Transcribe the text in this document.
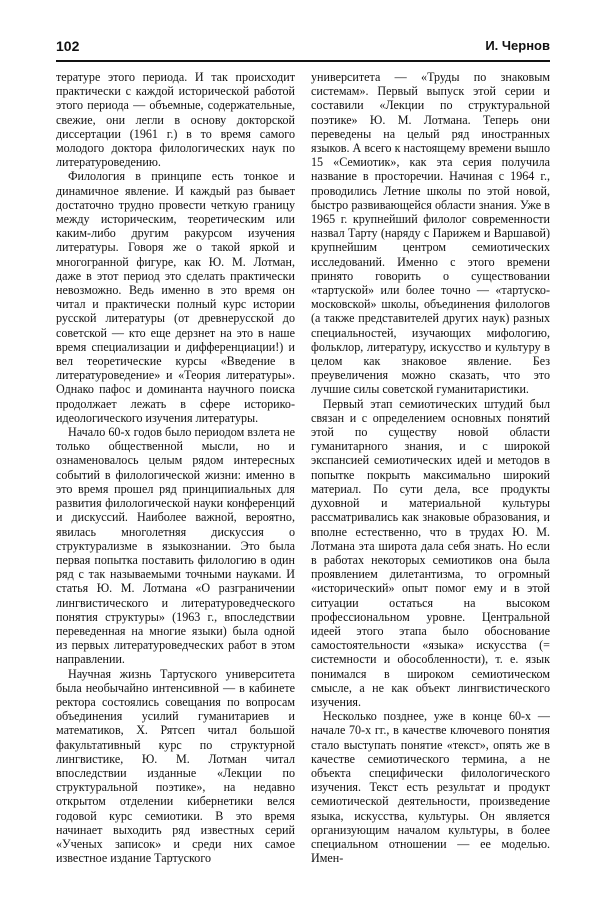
102	И. Чернов

тературе этого периода. И так происходит практически с каждой исторической работой этого периода — объемные, содержательные, свежие, они легли в основу докторской диссертации (1961 г.) в то время самого молодого доктора филологических наук по литературоведению.

Филология в принципе есть тонкое и динамичное явление. И каждый раз бывает достаточно трудно провести четкую границу между историческим, теоретическим или каким-либо другим ракурсом изучения литературы. Говоря же о такой яркой и многогранной фигуре, как Ю. М. Лотман, даже в этот период это сделать практически невозможно. Ведь именно в это время он читал и практически полный курс истории русской литературы (от древнерусской до советской — кто еще дерзнет на это в наше время специализации и дифференциации!) и вел теоретические курсы «Введение в литературоведение» и «Теория литературы». Однако пафос и доминанта научного поиска продолжает лежать в сфере историко-идеологического изучения литературы.

Начало 60-х годов было периодом взлета не только общественной мысли, но и ознаменовалось целым рядом интересных событий в филологической жизни: именно в это время прошел ряд принципиальных для развития филологической науки конференций и дискуссий. Наиболее важной, вероятно, явилась многолетняя дискуссия о структурализме в языкознании. Это была первая попытка поставить филологию в один ряд с так называемыми точными науками. И статья Ю. М. Лотмана «О разграничении лингвистического и литературоведческого понятия структуры» (1963 г., впоследствии переведенная на многие языки) была одной из первых литературоведческих работ в этом направлении.

Научная жизнь Тартуского университета была необычайно интенсивной — в кабинете ректора состоялись совещания по вопросам объединения усилий гуманитариев и математиков, Х. Рятсеп читал большой факультативный курс по структурной лингвистике, Ю. М. Лотман читал впоследствии изданные «Лекции по структуральной поэтике», на недавно открытом отделении кибернетики велся годовой курс семиотики. В это время начинает выходить ряд известных серий «Ученых записок» и среди них самое известное издание Тартуского

университета — «Труды по знаковым системам». Первый выпуск этой серии и составили «Лекции по структуральной поэтике» Ю. М. Лотмана. Теперь они переведены на целый ряд иностранных языков. А всего к настоящему времени вышло 15 «Семиотик», как эта серия получила название в просторечии. Начиная с 1964 г., проводились Летние школы по этой новой, быстро развивающейся области знания. Уже в 1965 г. крупнейший филолог современности назвал Тарту (наряду с Парижем и Варшавой) крупнейшим центром семиотических исследований. Именно с этого времени принято говорить о существовании «тартуской» или более точно — «тартуско-московской» школы, объединения филологов (а также представителей других наук) разных специальностей, изучающих мифологию, фольклор, литературу, искусство и культуру в целом как знаковое явление. Без преувеличения можно сказать, что это лучшие силы советской гуманитаристики.

Первый этап семиотических штудий был связан и с определением основных понятий этой по существу новой области гуманитарного знания, и с широкой экспансией семиотических идей и методов в попытке покрыть максимально широкий материал. По сути дела, все продукты духовной и материальной культуры рассматривались как знаковые образования, и вполне естественно, что в трудах Ю. М. Лотмана эта широта дала себя знать. Но если в работах некоторых семиотиков она была проявлением дилетантизма, то огромный «исторический» опыт помог ему и в этой ситуации остаться на высоком профессиональном уровне. Центральной идеей этого этапа было обоснование самостоятельности «языка» искусства (= системности и обособленности), т. е. язык понимался в широком семиотическом смысле, а не как объект лингвистического изучения.

Несколько позднее, уже в конце 60-х — начале 70-х гг., в качестве ключевого понятия стало выступать понятие «текст», опять же в качестве семиотического термина, а не объекта специфически филологического изучения. Текст есть результат и продукт семиотической деятельности, произведение языка, искусства, культуры. Он является организующим началом культуры, в более специальном отношении — ее моделью. Имен-
